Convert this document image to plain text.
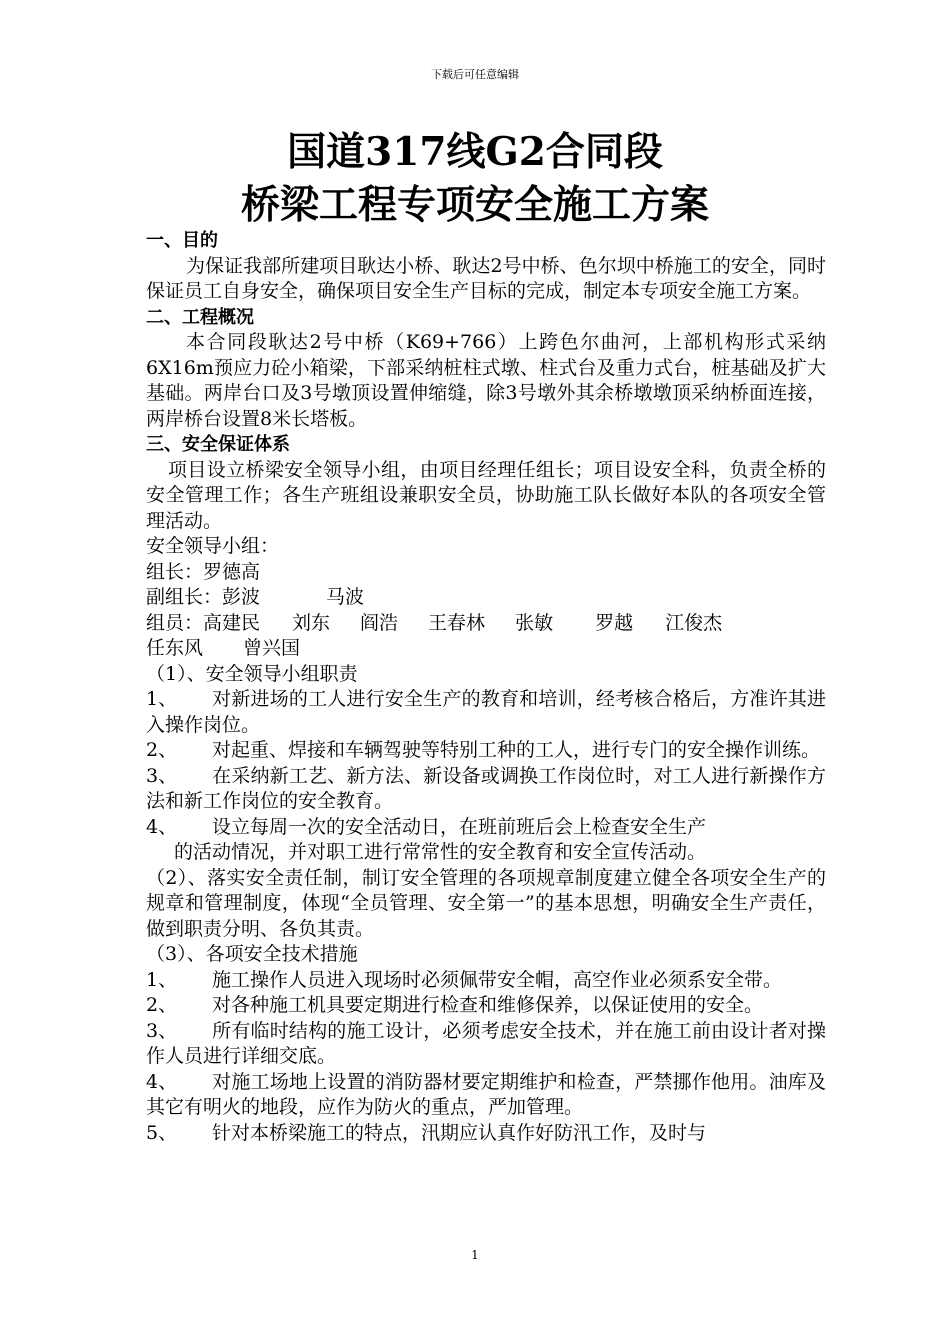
下载后可任意编辑
国道317线G2合同段
桥梁工程专项安全施工方案

一、目的

为保证我部所建项目耿达小桥、耿达2号中桥、色尔坝中桥施工的安全，同时保证员工自身安全，确保项目安全生产目标的完成，制定本专项安全施工方案。

二、工程概况

本合同段耿达2号中桥（K69+766）上跨色尔曲河，上部机构形式采纳6X16m预应力砼小箱梁，下部采纳桩柱式墩、柱式台及重力式台，桩基础及扩大基础。两岸台口及3号墩顶设置伸缩缝，除3号墩外其余桥墩墩顶采纳桥面连接，两岸桥台设置8米长塔板。

三、安全保证体系

项目设立桥梁安全领导小组，由项目经理任组长；项目设安全科，负责全桥的安全管理工作；各生产班组设兼职安全员，协助施工队长做好本队的各项安全管理活动。

安全领导小组：

组长：罗德高

副组长：彭波	马波

组员：高建民 刘东 阎浩 王春林 张敏 罗越 江俊杰

任东风 曾兴国

（1）、安全领导小组职责

1、 对新进场的工人进行安全生产的教育和培训，经考核合格后，方准许其进入操作岗位。

2、 对起重、焊接和车辆驾驶等特别工种的工人，进行专门的安全操作训练。

3、 在采纳新工艺、新方法、新设备或调换工作岗位时，对工人进行新操作方法和新工作岗位的安全教育。

4、 设立每周一次的安全活动日，在班前班后会上检查安全生产

的活动情况，并对职工进行常常性的安全教育和安全宣传活动。

（2）、落实安全责任制，制订安全管理的各项规章制度建立健全各项安全生产的规章和管理制度，体现“全员管理、安全第一”的基本思想，明确安全生产责任，做到职责分明、各负其责。

（3）、各项安全技术措施

1、 施工操作人员进入现场时必须佩带安全帽，高空作业必须系安全带。

2、 对各种施工机具要定期进行检查和维修保养，以保证使用的安全。

3、 所有临时结构的施工设计，必须考虑安全技术，并在施工前由设计者对操作人员进行详细交底。

4、 对施工场地上设置的消防器材要定期维护和检查，严禁挪作他用。油库及其它有明火的地段，应作为防火的重点，严加管理。

5、 针对本桥梁施工的特点，汛期应认真作好防汛工作，及时与

1
